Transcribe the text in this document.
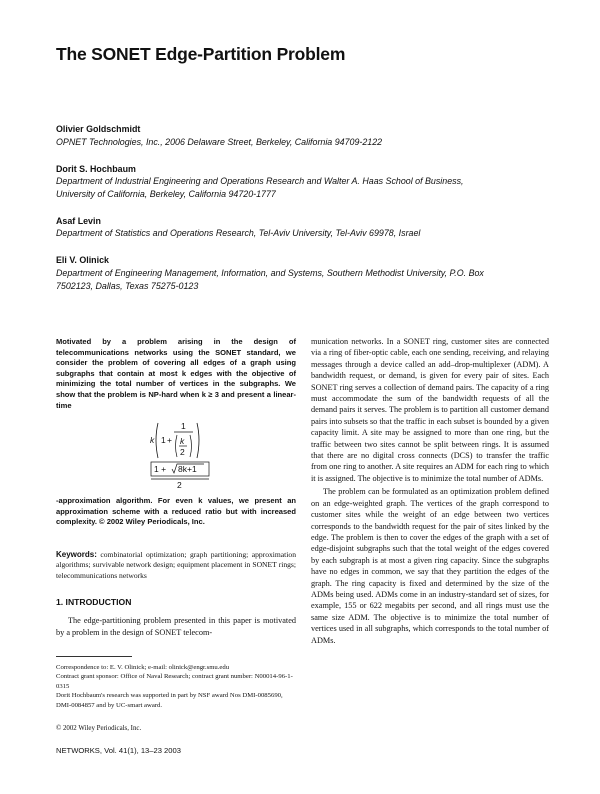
The SONET Edge-Partition Problem
Olivier Goldschmidt
OPNET Technologies, Inc., 2006 Delaware Street, Berkeley, California 94709-2122
Dorit S. Hochbaum
Department of Industrial Engineering and Operations Research and Walter A. Haas School of Business,
University of California, Berkeley, California 94720-1777
Asaf Levin
Department of Statistics and Operations Research, Tel-Aviv University, Tel-Aviv 69978, Israel
Eli V. Olinick
Department of Engineering Management, Information, and Systems, Southern Methodist University, P.O. Box
7502123, Dallas, Texas 75275-0123
Motivated by a problem arising in the design of telecommunications networks using the SONET standard, we consider the problem of covering all edges of a graph using subgraphs that contain at most k edges with the objective of minimizing the total number of vertices in the subgraphs. We show that the problem is NP-hard when k ≥ 3 and present a linear-time
k 1 +
1
k
2
1 + 8k+1
2
-approximation algorithm. For even k values, we present an approximation scheme with a reduced ratio but with increased complexity. © 2002 Wiley Periodicals, Inc.
Keywords: combinatorial optimization; graph partitioning; approximation algorithms; survivable network design; equipment placement in SONET rings; telecommunications networks
1. INTRODUCTION
The edge-partitioning problem presented in this paper is motivated by a problem in the design of SONET telecom-
Correspondence to: E. V. Olinick; e-mail: olinick@engr.smu.edu
Contract grant sponsor: Office of Naval Research; contract grant number: N00014-96-1-0315
Dorit Hochbaum's research was supported in part by NSF award Nos DMI-0085690, DMI-0084857 and by UC-smart award.
© 2002 Wiley Periodicals, Inc.
munication networks. In a SONET ring, customer sites are connected via a ring of fiber-optic cable, each one sending, receiving, and relaying messages through a device called an add–drop-multiplexer (ADM). A bandwidth request, or demand, is given for every pair of sites. Each SONET ring serves a collection of demand pairs. The capacity of a ring must accommodate the sum of the bandwidth requests of all the demand pairs it serves. The problem is to partition all customer demand pairs into subsets so that the traffic in each subset is bounded by a given capacity limit. A site may be assigned to more than one ring, but the traffic between two sites cannot be split between rings. It is assumed that there are no digital cross connects (DCS) to transfer the traffic from one ring to another. A site requires an ADM for each ring to which it is assigned. The objective is to minimize the total number of ADMs.
The problem can be formulated as an optimization problem defined on an edge-weighted graph. The vertices of the graph correspond to customer sites while the weight of an edge between two vertices corresponds to the bandwidth request for the pair of sites linked by the edge. The problem is then to cover the edges of the graph with a set of edge-disjoint subgraphs such that the total weight of the edges covered by each subgraph is at most a given ring capacity. Since the subgraphs have no edges in common, we say that they partition the edges of the graph. The ring capacity is fixed and determined by the size of the ADMs being used. ADMs come in an industry-standard set of sizes, for example, 155 or 622 megabits per second, and all rings must use the same size ADM. The objective is to minimize the total number of vertices used in all subgraphs, which corresponds to the total number of ADMs.
NETWORKS, Vol. 41(1), 13–23 2003
